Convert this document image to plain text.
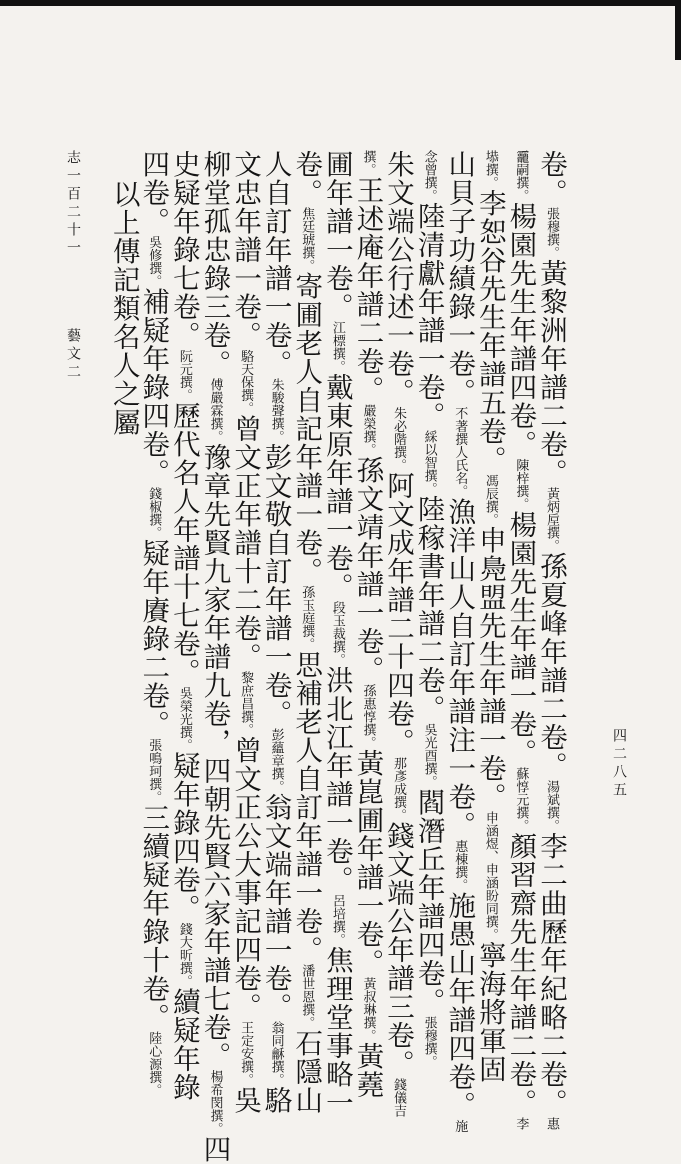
卷。張穆撰。黃黎洲年譜二卷。黃炳垕撰。孫夏峰年譜二卷。湯斌撰。李二曲歷年紀略二卷。惠
龗嗣撰。楊園先生年譜四卷。陳梓撰。楊園先生年譜一卷。蘇惇元撰。顏習齋先生年譜二卷。李
塨撰。李恕谷先生年譜五卷。馮辰撰。申鳧盟先生年譜一卷。申涵煜、申涵盼同撰。寧海將軍固
山貝子功績錄一卷。不著撰人氏名。漁洋山人自訂年譜注一卷。惠棟撰。施愚山年譜四卷。施
念曾撰。陸清獻年譜一卷。綵以智撰。陸稼書年譜二卷。吳光酉撰。閻潛丘年譜四卷。張穆撰。
朱文端公行述一卷。朱必階撰。阿文成年譜二十四卷。那彥成撰。錢文端公年譜三卷。錢儀吉
撰。王述庵年譜二卷。嚴榮撰。孫文靖年譜一卷。孫惠惇撰。黃崑圃年譜一卷。黃叔琳撰。黃蕘
圃年譜一卷。江標撰。戴東原年譜一卷。段玉裁撰。洪北江年譜一卷。呂培撰。焦理堂事略一
卷。焦廷琥撰。寄圃老人自記年譜一卷。孫玉庭撰。思補老人自訂年譜一卷。潘世恩撰。石隱山
人自訂年譜一卷。朱駿聲撰。彭文敬自訂年譜一卷。彭蘊章撰。翁文端年譜一卷。翁同龢撰。駱
文忠年譜一卷。駱天保撰。曾文正年譜十二卷。黎庶昌撰。曾文正公大事記四卷。王定安撰。吳
柳堂孤忠錄三卷。傅嚴霖撰。豫章先賢九家年譜九卷，四朝先賢六家年譜七卷。楊希閔撰。四
史疑年錄七卷。阮元撰。歷代名人年譜十七卷。吳榮光撰。疑年錄四卷。錢大昕撰。續疑年錄
四卷。吳修撰。補疑年錄四卷。錢椒撰。疑年賡錄二卷。張鳴珂撰。三續疑年錄十卷。陸心源撰。
以上傳記類名人之屬
志一百二十一 藝文二
四二八五
